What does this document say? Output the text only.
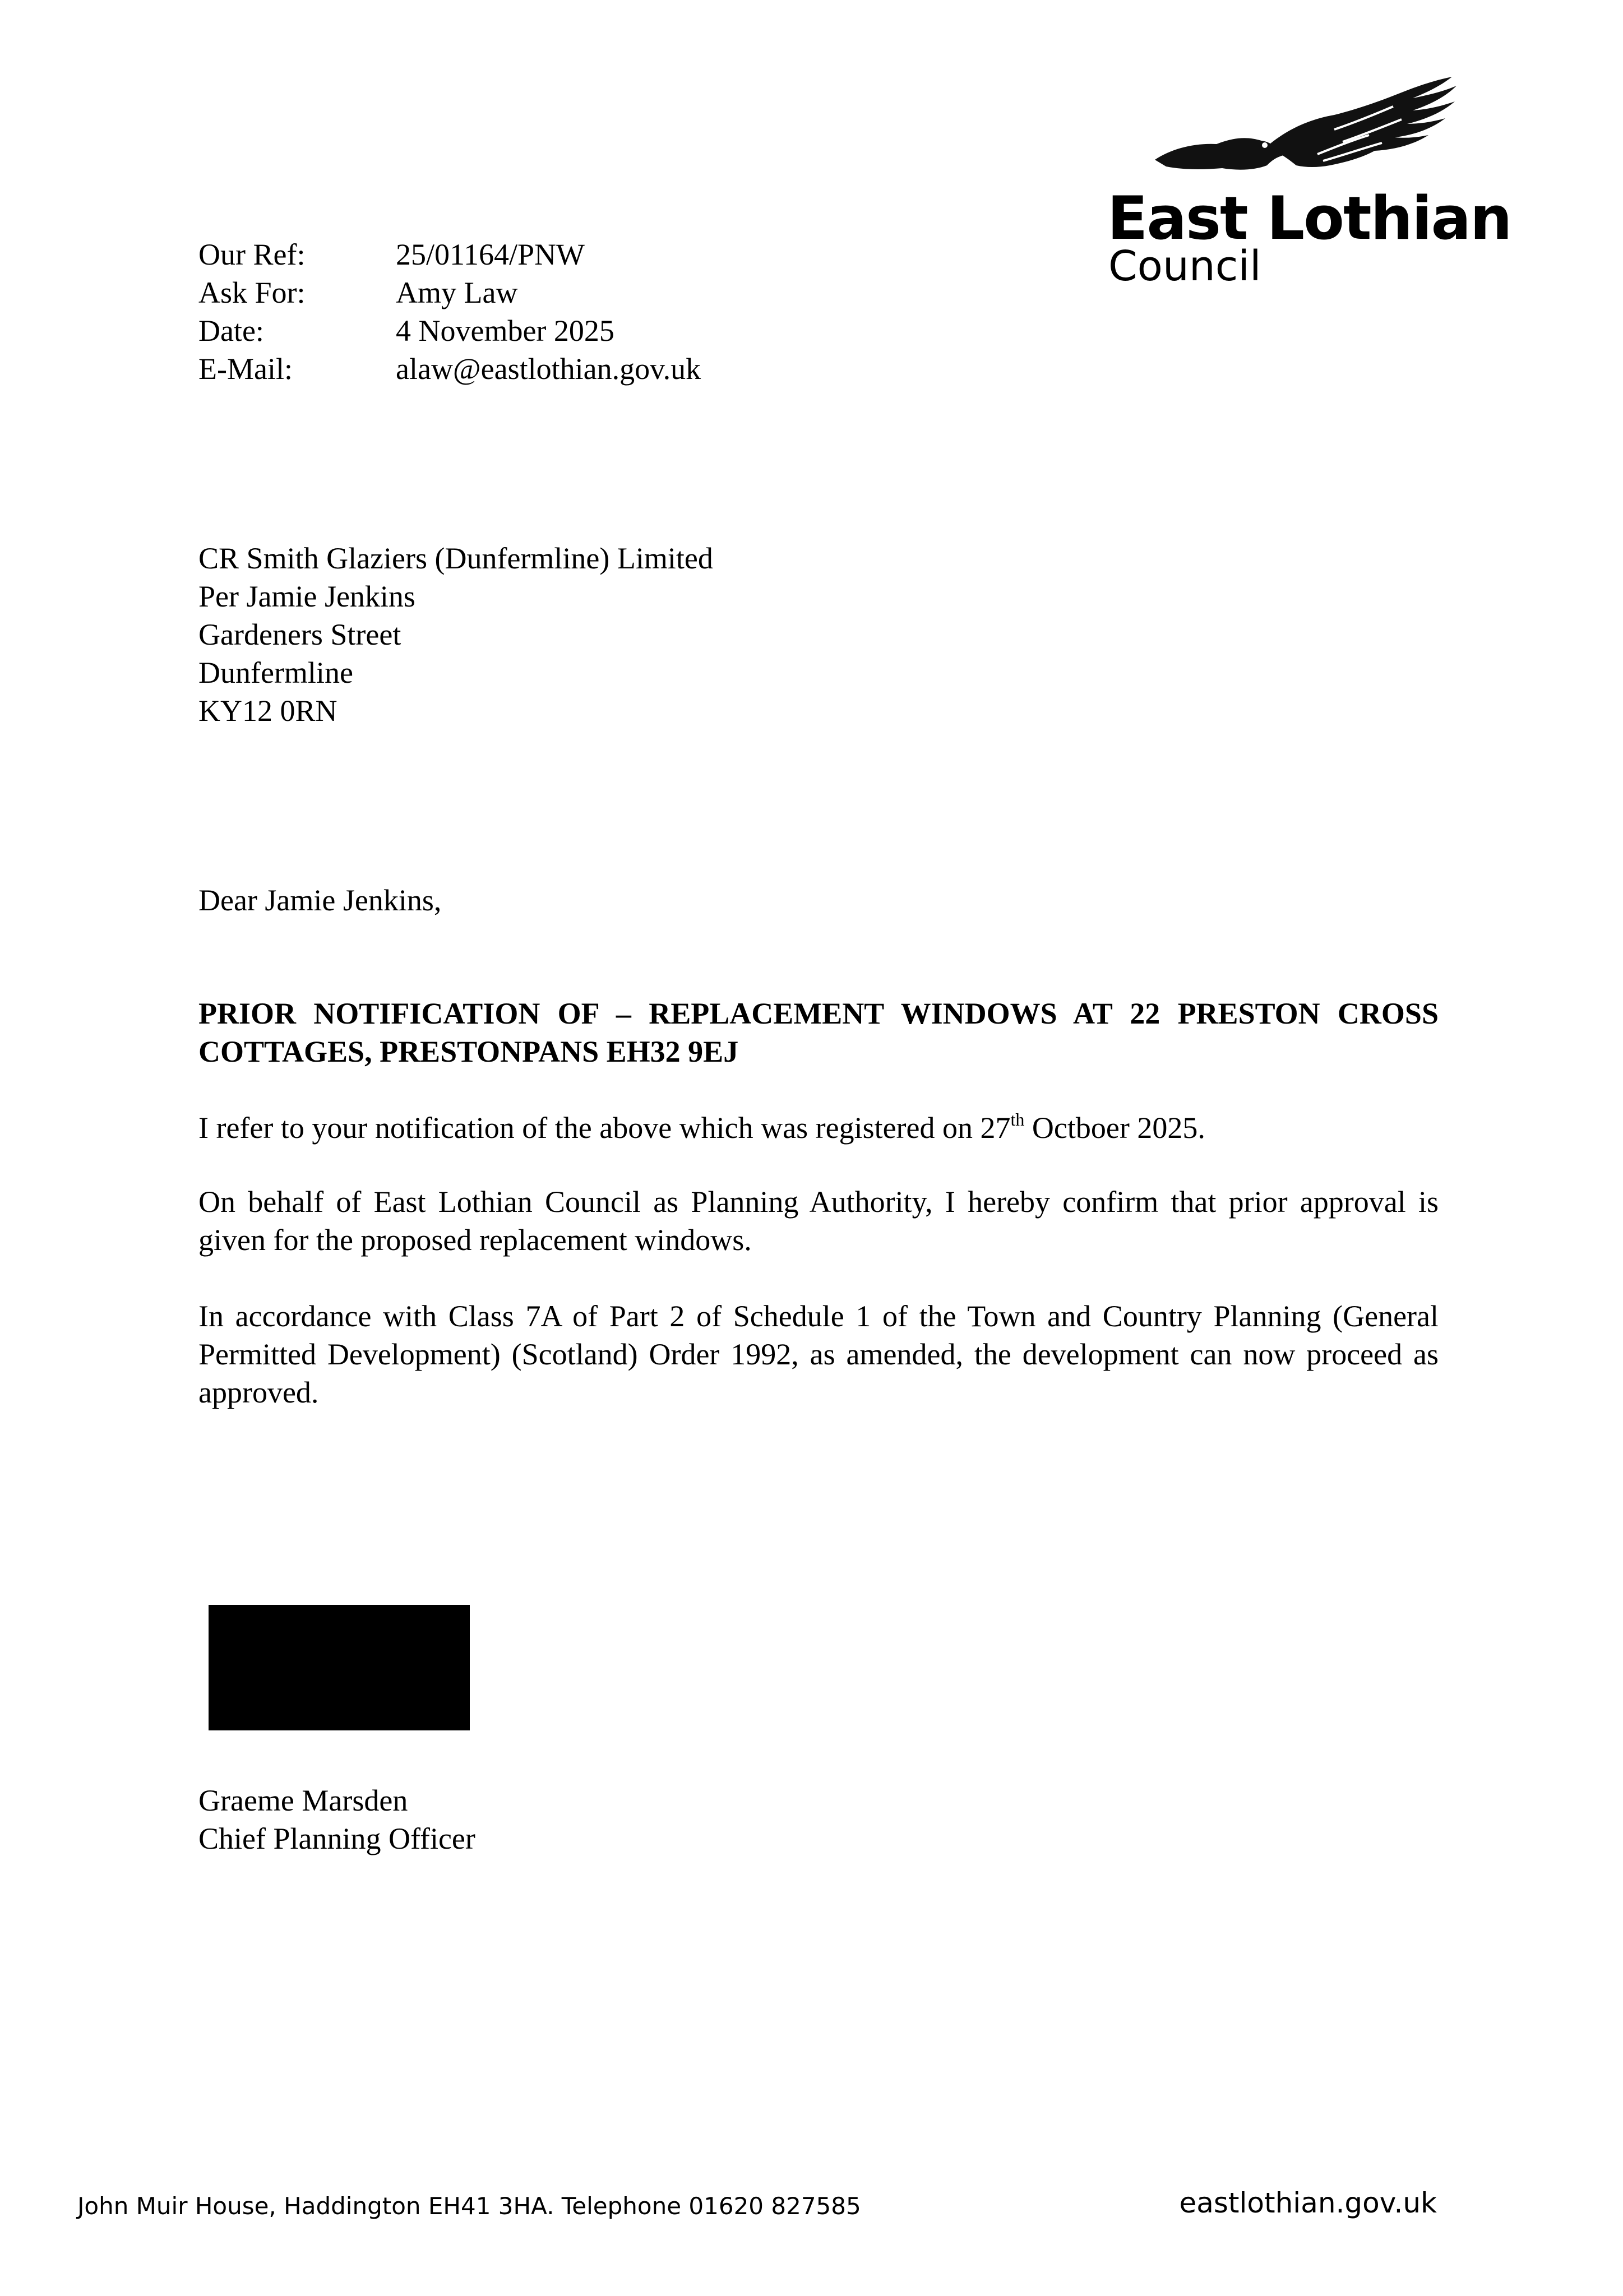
East Lothian
Council
Our Ref:	25/01164/PNW
Ask For:	Amy Law
Date:	4 November 2025
E-Mail:	alaw@eastlothian.gov.uk
CR Smith Glaziers (Dunfermline) Limited
Per Jamie Jenkins
Gardeners Street
Dunfermline
KY12 0RN
Dear Jamie Jenkins,
PRIOR NOTIFICATION OF – REPLACEMENT WINDOWS AT 22 PRESTON CROSS COTTAGES, PRESTONPANS EH32 9EJ
I refer to your notification of the above which was registered on 27th Octboer 2025.
On behalf of East Lothian Council as Planning Authority, I hereby confirm that prior approval is given for the proposed replacement windows.
In accordance with Class 7A of Part 2 of Schedule 1 of the Town and Country Planning (General Permitted Development) (Scotland) Order 1992, as amended, the development can now proceed as approved.
Graeme Marsden
Chief Planning Officer
John Muir House, Haddington EH41 3HA. Telephone 01620 827585	eastlothian.gov.uk
